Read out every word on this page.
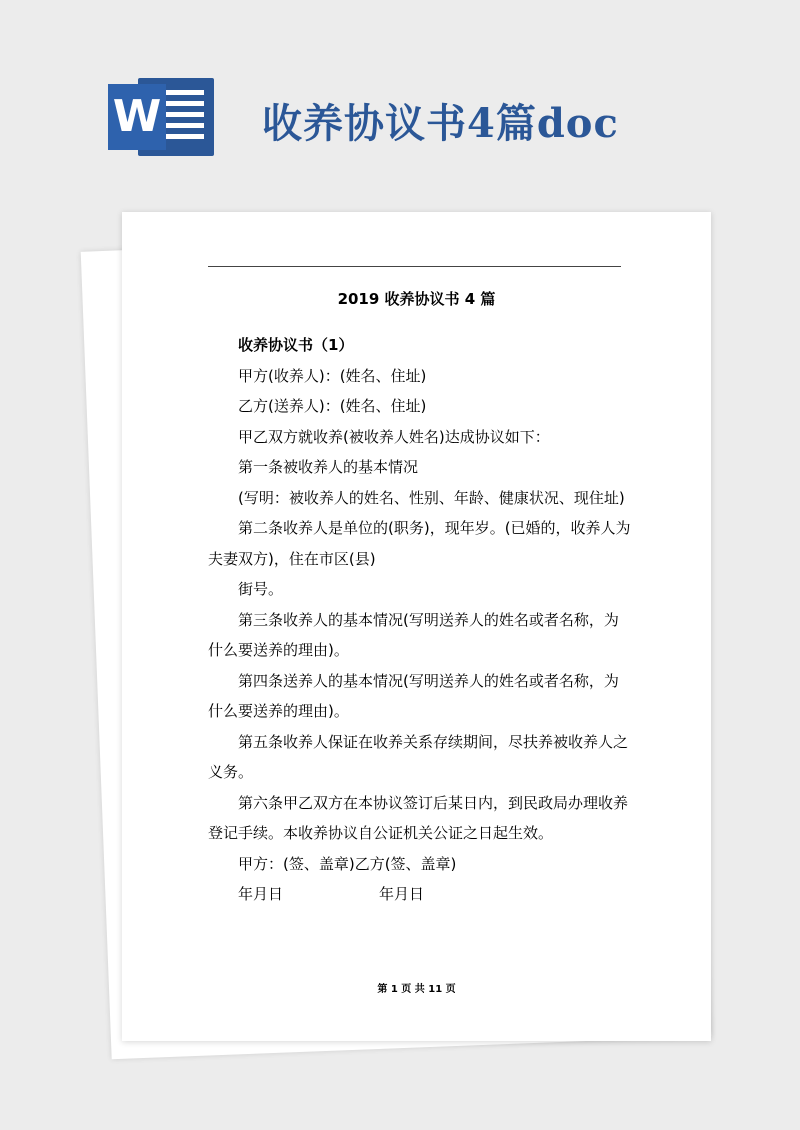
W	收养协议书4篇doc
2019 收养协议书 4 篇

收养协议书（1）

甲方(收养人)：(姓名、住址)

乙方(送养人)：(姓名、住址)

甲乙双方就收养(被收养人姓名)达成协议如下：

第一条被收养人的基本情况

(写明：被收养人的姓名、性别、年龄、健康状况、现住址)

第二条收养人是单位的(职务)，现年岁。(已婚的，收养人为夫妻双方)，住在市区(县)

街号。

第三条收养人的基本情况(写明送养人的姓名或者名称，为什么要送养的理由)。

第四条送养人的基本情况(写明送养人的姓名或者名称，为什么要送养的理由)。

第五条收养人保证在收养关系存续期间，尽扶养被收养人之义务。

第六条甲乙双方在本协议签订后某日内，到民政局办理收养登记手续。本收养协议自公证机关公证之日起生效。

甲方：(签、盖章)乙方(签、盖章)

年月日	年月日

第 1 页 共 11 页
